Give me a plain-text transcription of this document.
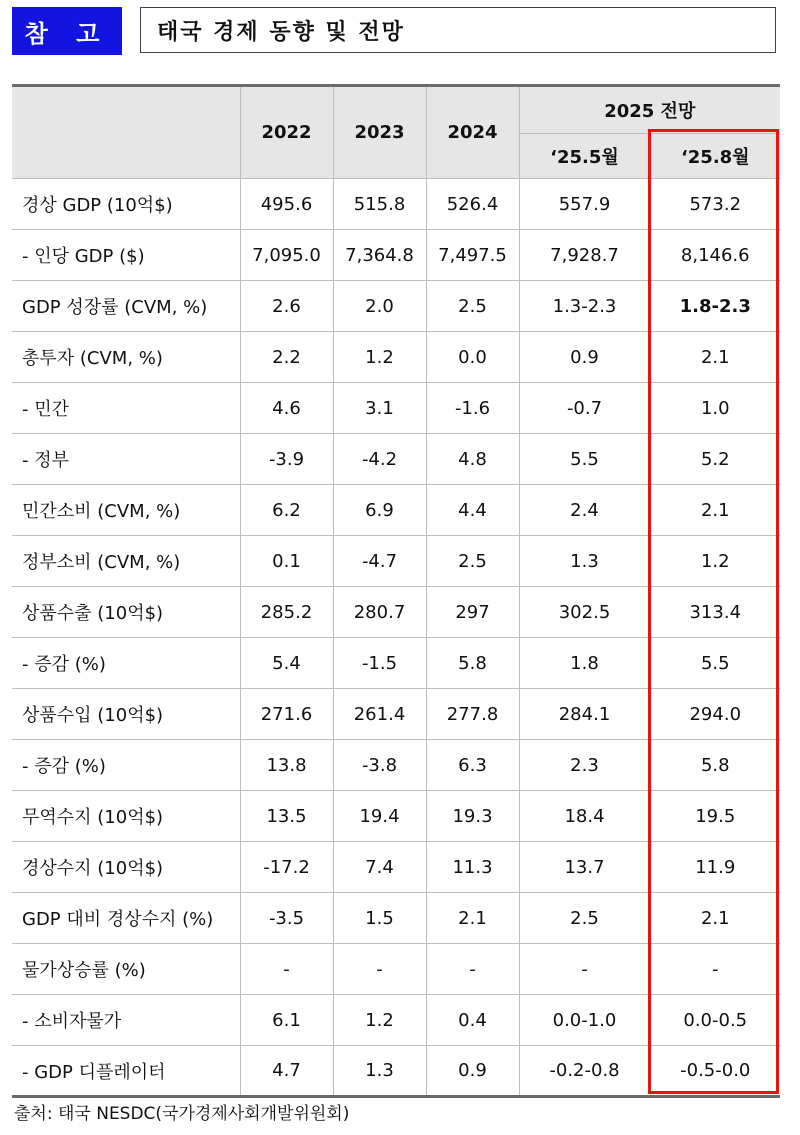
참 고	태국 경제 동향 및 전망
	2022	2023	2024	2025 전망	
				‘25.5월	‘25.8월
경상 GDP (10억$)	495.6	515.8	526.4	557.9	573.2
- 인당 GDP ($)	7,095.0	7,364.8	7,497.5	7,928.7	8,146.6
GDP 성장률 (CVM, %)	2.6	2.0	2.5	1.3-2.3	1.8-2.3
총투자 (CVM, %)	2.2	1.2	0.0	0.9	2.1
- 민간	4.6	3.1	-1.6	-0.7	1.0
- 정부	-3.9	-4.2	4.8	5.5	5.2
민간소비 (CVM, %)	6.2	6.9	4.4	2.4	2.1
정부소비 (CVM, %)	0.1	-4.7	2.5	1.3	1.2
상품수출 (10억$)	285.2	280.7	297	302.5	313.4
- 증감 (%)	5.4	-1.5	5.8	1.8	5.5
상품수입 (10억$)	271.6	261.4	277.8	284.1	294.0
- 증감 (%)	13.8	-3.8	6.3	2.3	5.8
무역수지 (10억$)	13.5	19.4	19.3	18.4	19.5
경상수지 (10억$)	-17.2	7.4	11.3	13.7	11.9
GDP 대비 경상수지 (%)	-3.5	1.5	2.1	2.5	2.1
물가상승률 (%)	-	-	-	-	-
- 소비자물가	6.1	1.2	0.4	0.0-1.0	0.0-0.5
- GDP 디플레이터	4.7	1.3	0.9	-0.2-0.8	-0.5-0.0
출처: 태국 NESDC(국가경제사회개발위원회)
